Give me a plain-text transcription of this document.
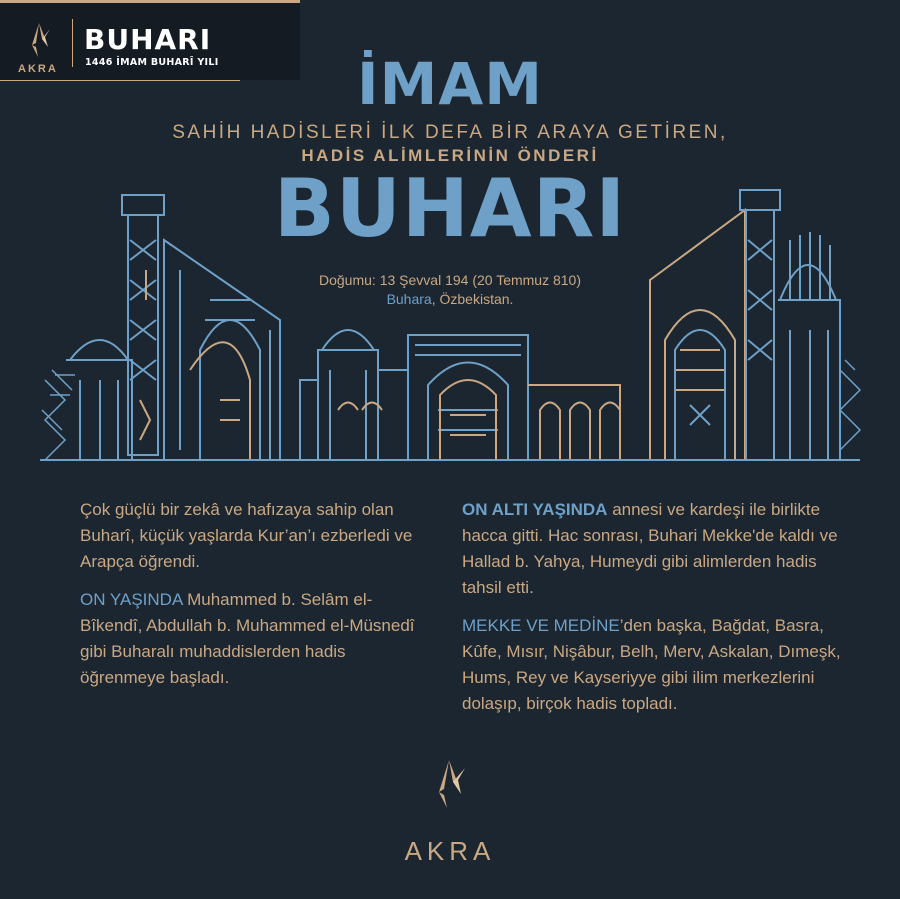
AKRA
BUHARI
1446 İMAM BUHARÎ YILI	İMAM
SAHİH HADİSLERİ İLK DEFA BİR ARAYA GETİREN,
HADİS ALİMLERİNİN ÖNDERİ
BUHARI
Doğumu: 13 Şevval 194 (20 Temmuz 810)
Buhara, Özbekistan.

Çok güçlü bir zekâ ve hafızaya sahip olan Buharî, küçük yaşlarda Kur’an’ı ezberledi ve Arapça öğrendi.

ON YAŞINDA Muhammed b. Selâm el-Bîkendî, Abdullah b. Muhammed el-Müsnedî gibi Buharalı muhaddislerden hadis öğrenmeye başladı.

ON ALTI YAŞINDA annesi ve kardeşi ile birlikte hacca gitti. Hac sonrası, Buhari Mekke'de kaldı ve Hallad b. Yahya, Humeydi gibi alimlerden hadis tahsil etti.

MEKKE VE MEDİNE’den başka, Bağdat, Basra, Kûfe, Mısır, Nişâbur, Belh, Merv, Askalan, Dımeşk, Hums, Rey ve Kayseriyye gibi ilim merkezlerini dolaşıp, birçok hadis topladı.

AKRA
